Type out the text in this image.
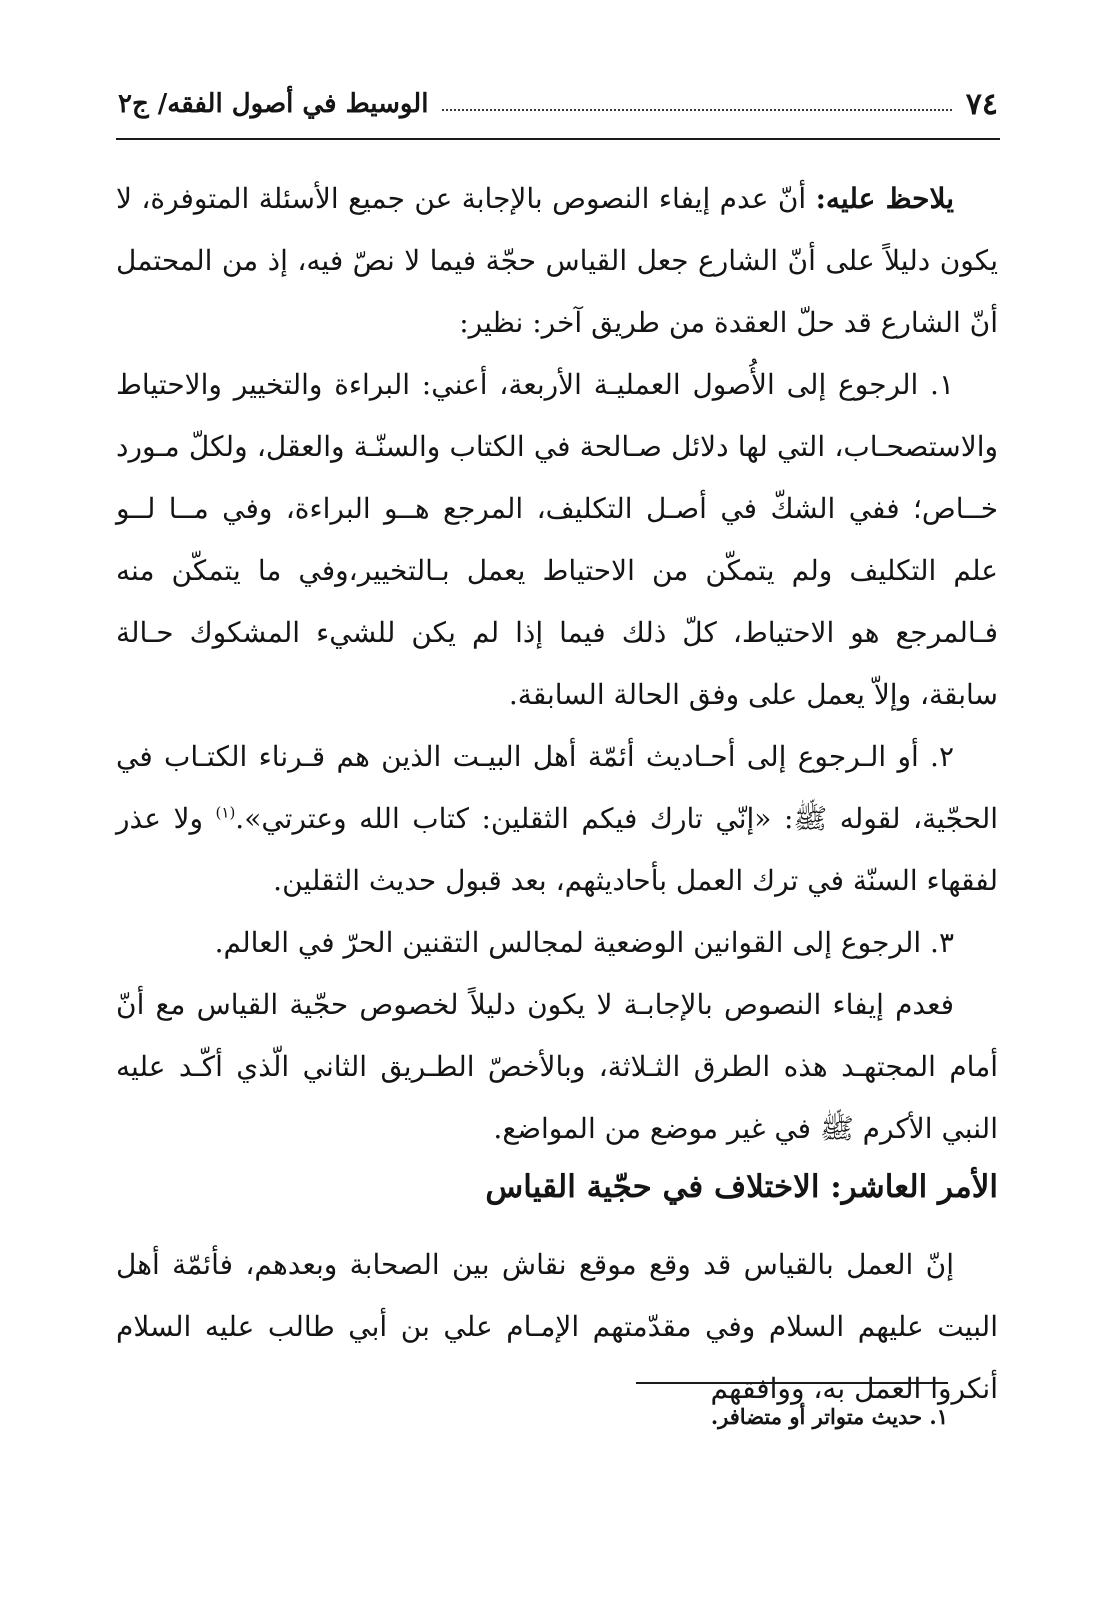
٧٤
الوسيط في أصول الفقه/ ج٢

يلاحظ عليه: أنّ عدم إيفاء النصوص بالإجابة عن جميع الأسئلة المتوفرة، لا يكون دليلاً على أنّ الشارع جعل القياس حجّة فيما لا نصّ فيه، إذ من المحتمل أنّ الشارع قد حلّ العقدة من طريق آخر: نظير:

١. الرجوع إلى الأُصول العمليـة الأربعة، أعني: البراءة والتخيير والاحتياط والاستصحـاب، التي لها دلائل صـالحة في الكتاب والسنّـة والعقل، ولكلّ مـورد خــاص؛ ففي الشكّ في أصـل التكليف، المرجع هــو البراءة، وفي مــا لــو علم التكليف ولم يتمكّن من الاحتياط يعمل بـالتخيير،وفي ما يتمكّن منه فـالمرجع هو الاحتياط، كلّ ذلك فيما إذا لم يكن للشيء المشكوك حـالة سابقة، وإلاّ يعمل على وفق الحالة السابقة.

٢. أو الـرجوع إلى أحـاديث أئمّة أهل البيـت الذين هم قـرناء الكتـاب في الحجّية، لقوله ﷺ: «إنّي تارك فيكم الثقلين: كتاب الله وعترتي».$^{(١)}$ ولا عذر لفقهاء السنّة في ترك العمل بأحاديثهم، بعد قبول حديث الثقلين.

٣. الرجوع إلى القوانين الوضعية لمجالس التقنين الحرّ في العالم.

فعدم إيفاء النصوص بالإجابـة لا يكون دليلاً لخصوص حجّية القياس مع أنّ أمام المجتهـد هذه الطرق الثـلاثة، وبالأخصّ الطـريق الثاني الّذي أكّـد عليه النبي الأكرم ﷺ في غير موضع من المواضع.

الأمر العاشر: الاختلاف في حجّية القياس

إنّ العمل بالقياس قد وقع موقع نقاش بين الصحابة وبعدهم، فأئمّة أهل البيت عليهم السلام وفي مقدّمتهم الإمـام علي بن أبي طالب عليه السلام أنكروا العمل به، ووافقهم

١. حديث متواتر أو متضافر.
